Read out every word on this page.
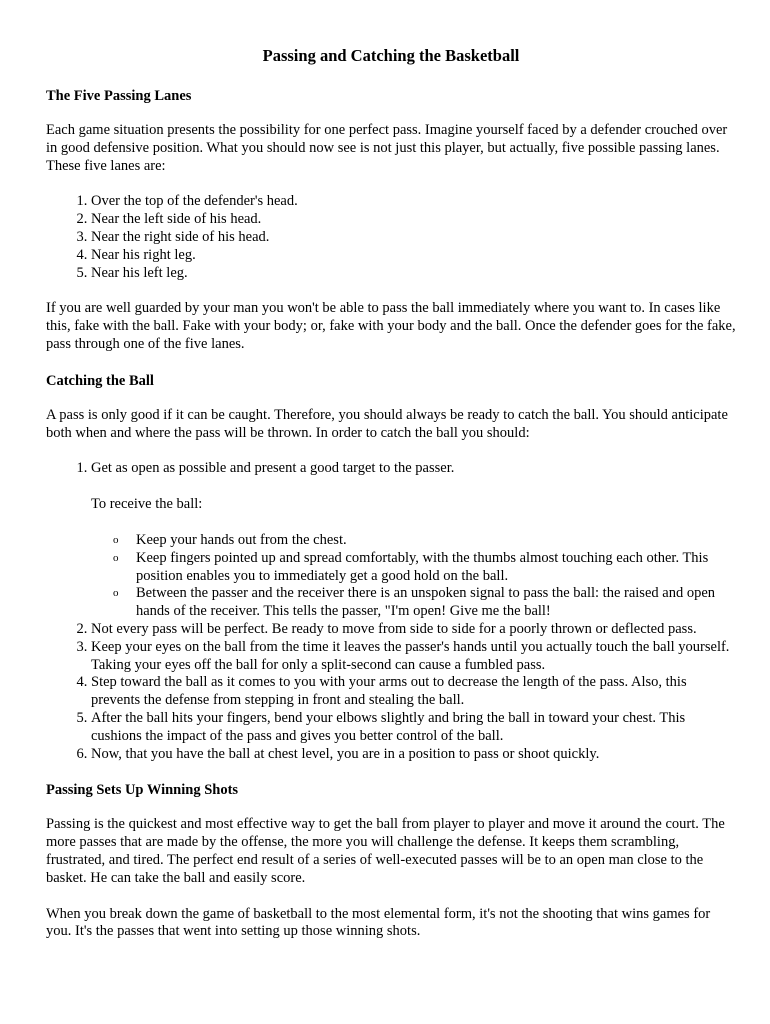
Passing and Catching the Basketball
The Five Passing Lanes

Each game situation presents the possibility for one perfect pass. Imagine yourself faced by a defender crouched over in good defensive position. What you should now see is not just this player, but actually, five possible passing lanes. These five lanes are:

1. Over the top of the defender's head.
2. Near the left side of his head.
3. Near the right side of his head.
4. Near his right leg.
5. Near his left leg.

If you are well guarded by your man you won't be able to pass the ball immediately where you want to. In cases like this, fake with the ball. Fake with your body; or, fake with your body and the ball. Once the defender goes for the fake, pass through one of the five lanes.

Catching the Ball

A pass is only good if it can be caught. Therefore, you should always be ready to catch the ball. You should anticipate both when and where the pass will be thrown. In order to catch the ball you should:

1. Get as open as possible and present a good target to the passer.
To receive the ball:
o Keep your hands out from the chest.
o Keep fingers pointed up and spread comfortably, with the thumbs almost touching each other. This position enables you to immediately get a good hold on the ball.
o Between the passer and the receiver there is an unspoken signal to pass the ball: the raised and open hands of the receiver. This tells the passer, "I'm open! Give me the ball!
2. Not every pass will be perfect. Be ready to move from side to side for a poorly thrown or deflected pass.
3. Keep your eyes on the ball from the time it leaves the passer's hands until you actually touch the ball yourself. Taking your eyes off the ball for only a split-second can cause a fumbled pass.
4. Step toward the ball as it comes to you with your arms out to decrease the length of the pass. Also, this prevents the defense from stepping in front and stealing the ball.
5. After the ball hits your fingers, bend your elbows slightly and bring the ball in toward your chest. This cushions the impact of the pass and gives you better control of the ball.
6. Now, that you have the ball at chest level, you are in a position to pass or shoot quickly.
Passing Sets Up Winning Shots

Passing is the quickest and most effective way to get the ball from player to player and move it around the court. The more passes that are made by the offense, the more you will challenge the defense. It keeps them scrambling, frustrated, and tired. The perfect end result of a series of well-executed passes will be to an open man close to the basket. He can take the ball and easily score.

When you break down the game of basketball to the most elemental form, it's not the shooting that wins games for you. It's the passes that went into setting up those winning shots.
